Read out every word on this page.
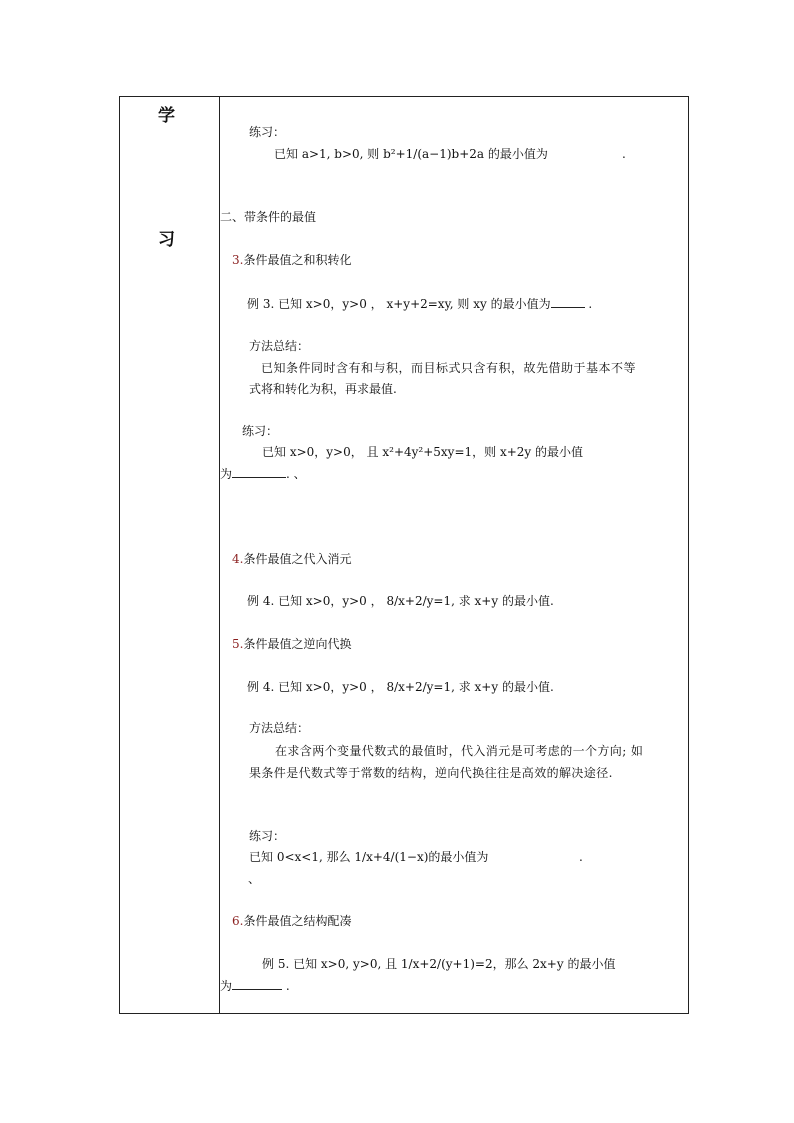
学
习
练习：
已知 a>1, b>0, 则 b²+1/(a−1)b+2a 的最小值为	.
二、带条件的最值
3.条件最值之和积转化
例 3. 已知 x>0，y>0 ， x+y+2=xy, 则 xy 的最小值为	.
方法总结：
已知条件同时含有和与积，而目标式只含有积，故先借助于基本不等
式将和转化为积，再求最值.
练习：
已知 x>0，y>0， 且 x²+4y²+5xy=1，则 x+2y 的最小值
为	. 、
4.条件最值之代入消元
例 4. 已知 x>0，y>0 ， 8/x+2/y=1, 求 x+y 的最小值.
5.条件最值之逆向代换
例 4. 已知 x>0，y>0 ， 8/x+2/y=1, 求 x+y 的最小值.
方法总结：
在求含两个变量代数式的最值时，代入消元是可考虑的一个方向; 如
果条件是代数式等于常数的结构，逆向代换往往是高效的解决途径.
练习：
已知 0<x<1, 那么 1/x+4/(1−x)的最小值为	.
、
6.条件最值之结构配凑
例 5. 已知 x>0, y>0, 且 1/x+2/(y+1)=2，那么 2x+y 的最小值
为	.
